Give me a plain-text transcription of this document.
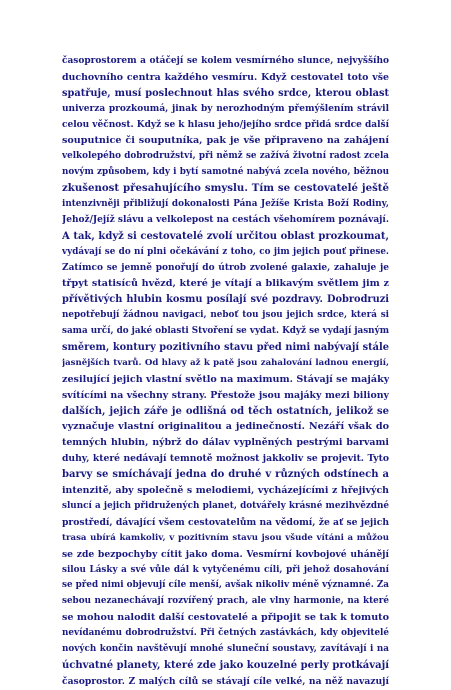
časoprostorem a otáčejí se kolem vesmírného slunce, nejvyššího
duchovního centra každého vesmíru. Když cestovatel toto vše
spatřuje, musí poslechnout hlas svého srdce, kterou oblast
univerza prozkoumá, jinak by nerozhodným přemýšlením strávil
celou věčnost. Když se k hlasu jeho/jejího srdce přidá srdce další
souputnice či souputníka, pak je vše připraveno na zahájení
velkolepého dobrodružství, při němž se zažívá životní radost zcela
novým způsobem, kdy i bytí samotné nabývá zcela nového, běžnou
zkušenost přesahujícího smyslu. Tím se cestovatelé ještě
intenzivněji přibližují dokonalosti Pána Ježíše Krista Boží Rodiny,
Jehož/Jejíž slávu a velkolepost na cestách všehomírem poznávají.
A tak, když si cestovatelé zvolí určitou oblast prozkoumat,
vydávají se do ní plni očekávání z toho, co jim jejich pouť přinese.
Zatímco se jemně ponořují do útrob zvolené galaxie, zahaluje je
třpyt statisíců hvězd, které je vítají a blikavým světlem jim z
přívětivých hlubin kosmu posílají své pozdravy. Dobrodruzi
nepotřebují žádnou navigaci, neboť tou jsou jejich srdce, která si
sama určí, do jaké oblasti Stvoření se vydat. Když se vydají jasným
směrem, kontury pozitivního stavu před nimi nabývají stále
jasnějších tvarů. Od hlavy až k patě jsou zahalování ladnou energií,
zesilující jejich vlastní světlo na maximum. Stávají se majáky
svítícími na všechny strany. Přestože jsou majáky mezi biliony
dalších, jejich záře je odlišná od těch ostatních, jelikož se
vyznačuje vlastní originalitou a jedinečností. Nezáří však do
temných hlubin, nýbrž do dálav vyplněných pestrými barvami
duhy, které nedávají temnotě možnost jakkoliv se projevit. Tyto
barvy se smíchávají jedna do druhé v různých odstínech a
intenzitě, aby společně s melodiemi, vycházejícími z hřejivých
sluncí a jejich přidružených planet, dotvářely krásné mezihvězdné
prostředí, dávající všem cestovatelům na vědomí, že ať se jejich
trasa ubírá kamkoliv, v pozitivním stavu jsou všude vítáni a můžou
se zde bezpochyby cítit jako doma. Vesmírní kovbojové uhánějí
silou Lásky a své vůle dál k vytyčenému cíli, při jehož dosahování
se před nimi objevují cíle menší, avšak nikoliv méně významné. Za
sebou nezanechávají rozvířený prach, ale vlny harmonie, na které
se mohou nalodit další cestovatelé a připojit se tak k tomuto
nevídanému dobrodružství. Při četných zastávkách, kdy objevitelé
nových končin navštěvují mnohé sluneční soustavy, zavítávají i na
úchvatné planety, které zde jako kouzelné perly protkávají
časoprostor. Z malých cílů se stávají cíle velké, na něž navazují
